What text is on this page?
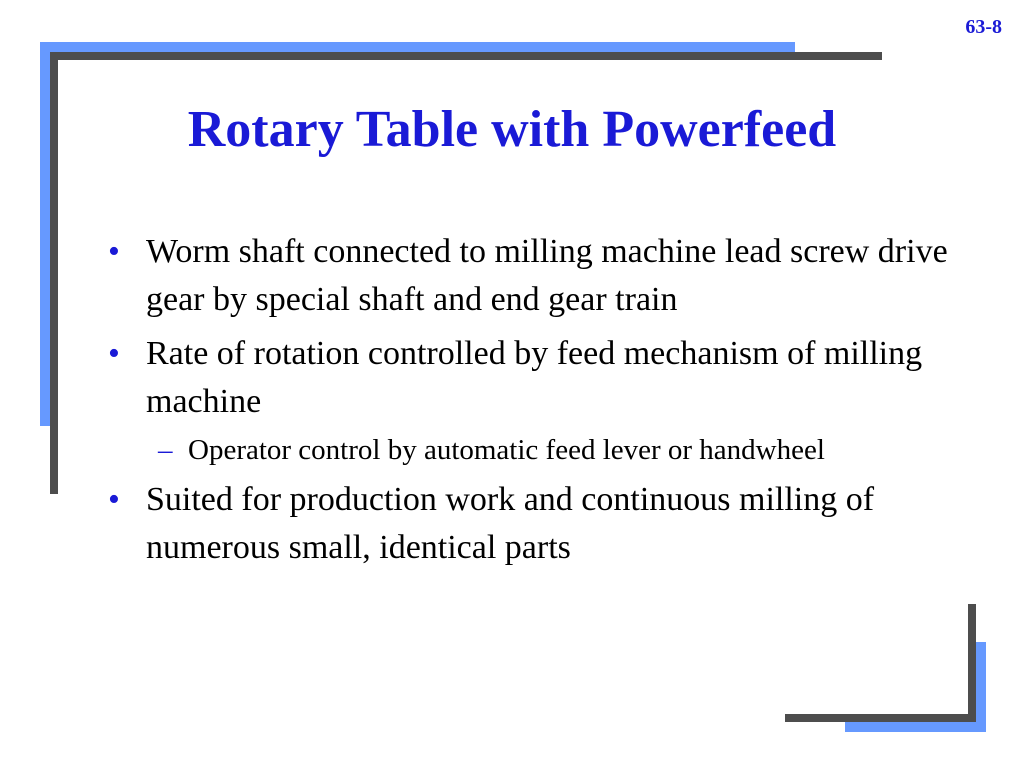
63-8
Rotary Table with Powerfeed
• Worm shaft connected to milling machine lead screw drive gear by special shaft and end gear train
• Rate of rotation controlled by feed mechanism of milling machine
– Operator control by automatic feed lever or handwheel
• Suited for production work and continuous milling of numerous small, identical parts
